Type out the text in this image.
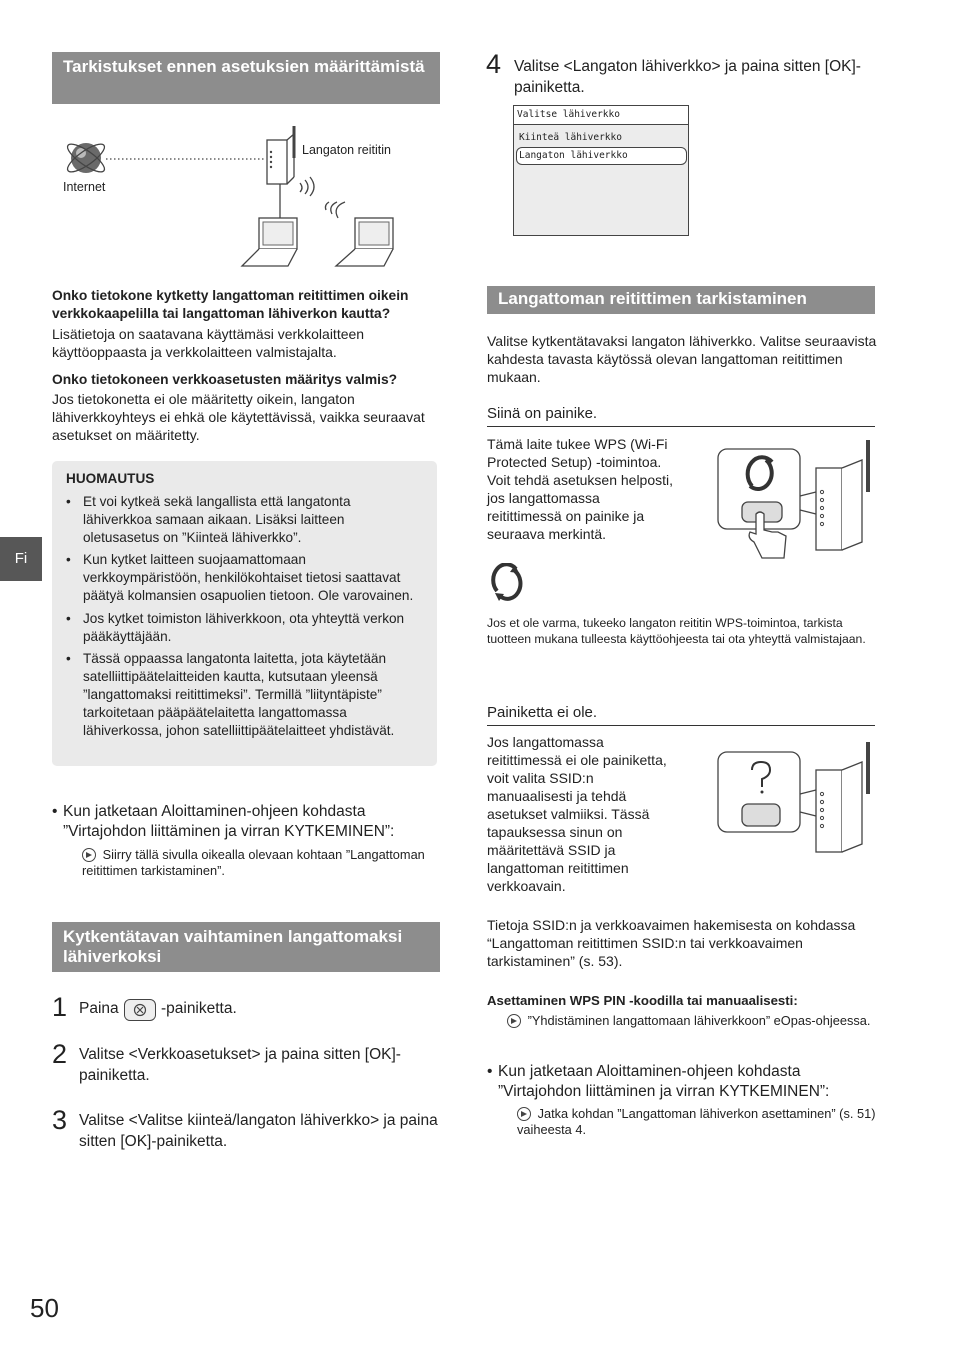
Tarkistukset ennen asetuksien määrittämistä
Internet
Langaton reititin
Onko tietokone kytketty langattoman reitittimen oikein verkkokaapelilla tai langattoman lähiverkon kautta?
Lisätietoja on saatavana käyttämäsi verkkolaitteen käyttöoppaasta ja verkkolaitteen valmistajalta.
Onko tietokoneen verkkoasetusten määritys valmis?
Jos tietokonetta ei ole määritetty oikein, langaton lähiverkkoyhteys ei ehkä ole käytettävissä, vaikka seuraavat asetukset on määritetty.
HUOMAUTUS
• Et voi kytkeä sekä langallista että langatonta lähiverkkoa samaan aikaan. Lisäksi laitteen oletusasetus on ”Kiinteä lähiverkko”.
• Kun kytket laitteen suojaamattomaan verkkoympäristöön, henkilökohtaiset tietosi saattavat päätyä kolmansien osapuolien tietoon. Ole varovainen.
• Jos kytket toimiston lähiverkkoon, ota yhteyttä verkon pääkäyttäjään.
• Tässä oppaassa langatonta laitetta, jota käytetään satelliittipäätelaitteiden kautta, kutsutaan yleensä ”langattomaksi reitittimeksi”. Termillä ”liityntäpiste” tarkoitetaan pääpäätelaitetta langattomassa lähiverkossa, johon satelliittipäätelaitteet yhdistävät.
• Kun jatketaan Aloittaminen-ohjeen kohdasta ”Virtajohdon liittäminen ja virran KYTKEMINEN”:
Siirry tällä sivulla oikealla olevaan kohtaan ”Langattoman reitittimen tarkistaminen”.
Kytkentätavan vaihtaminen langattomaksi lähiverkoksi
1 Paina	-painiketta.
2 Valitse <Verkkoasetukset> ja paina sitten [OK]-painiketta.
3 Valitse <Valitse kiinteä/langaton lähiverkko> ja paina sitten [OK]-painiketta.
Fi
50
4 Valitse <Langaton lähiverkko> ja paina sitten [OK]-painiketta.
Valitse lähiverkko
Kiinteä lähiverkko
Langaton lähiverkko
Langattoman reitittimen tarkistaminen
Valitse kytkentätavaksi langaton lähiverkko. Valitse seuraavista kahdesta tavasta käytössä olevan langattoman reitittimen mukaan.
Siinä on painike.
Tämä laite tukee WPS (Wi-Fi Protected Setup) -toimintoa. Voit tehdä asetuksen helposti, jos langattomassa reitittimessä on painike ja seuraava merkintä.
Jos et ole varma, tukeeko langaton reititin WPS-toimintoa, tarkista tuotteen mukana tulleesta käyttöohjeesta tai ota yhteyttä valmistajaan.
Painiketta ei ole.
Jos langattomassa reitittimessä ei ole painiketta, voit valita SSID:n manuaalisesti ja tehdä asetukset valmiiksi. Tässä tapauksessa sinun on määritettävä SSID ja langattoman reitittimen verkkoavain.
Tietoja SSID:n ja verkkoavaimen hakemisesta on kohdassa “Langattoman reitittimen SSID:n tai verkkoavaimen tarkistaminen” (s. 53).
Asettaminen WPS PIN -koodilla tai manuaalisesti:
”Yhdistäminen langattomaan lähiverkkoon” eOpas-ohjeessa.
• Kun jatketaan Aloittaminen-ohjeen kohdasta ”Virtajohdon liittäminen ja virran KYTKEMINEN”:
Jatka kohdan ”Langattoman lähiverkon asettaminen” (s. 51) vaiheesta 4.
